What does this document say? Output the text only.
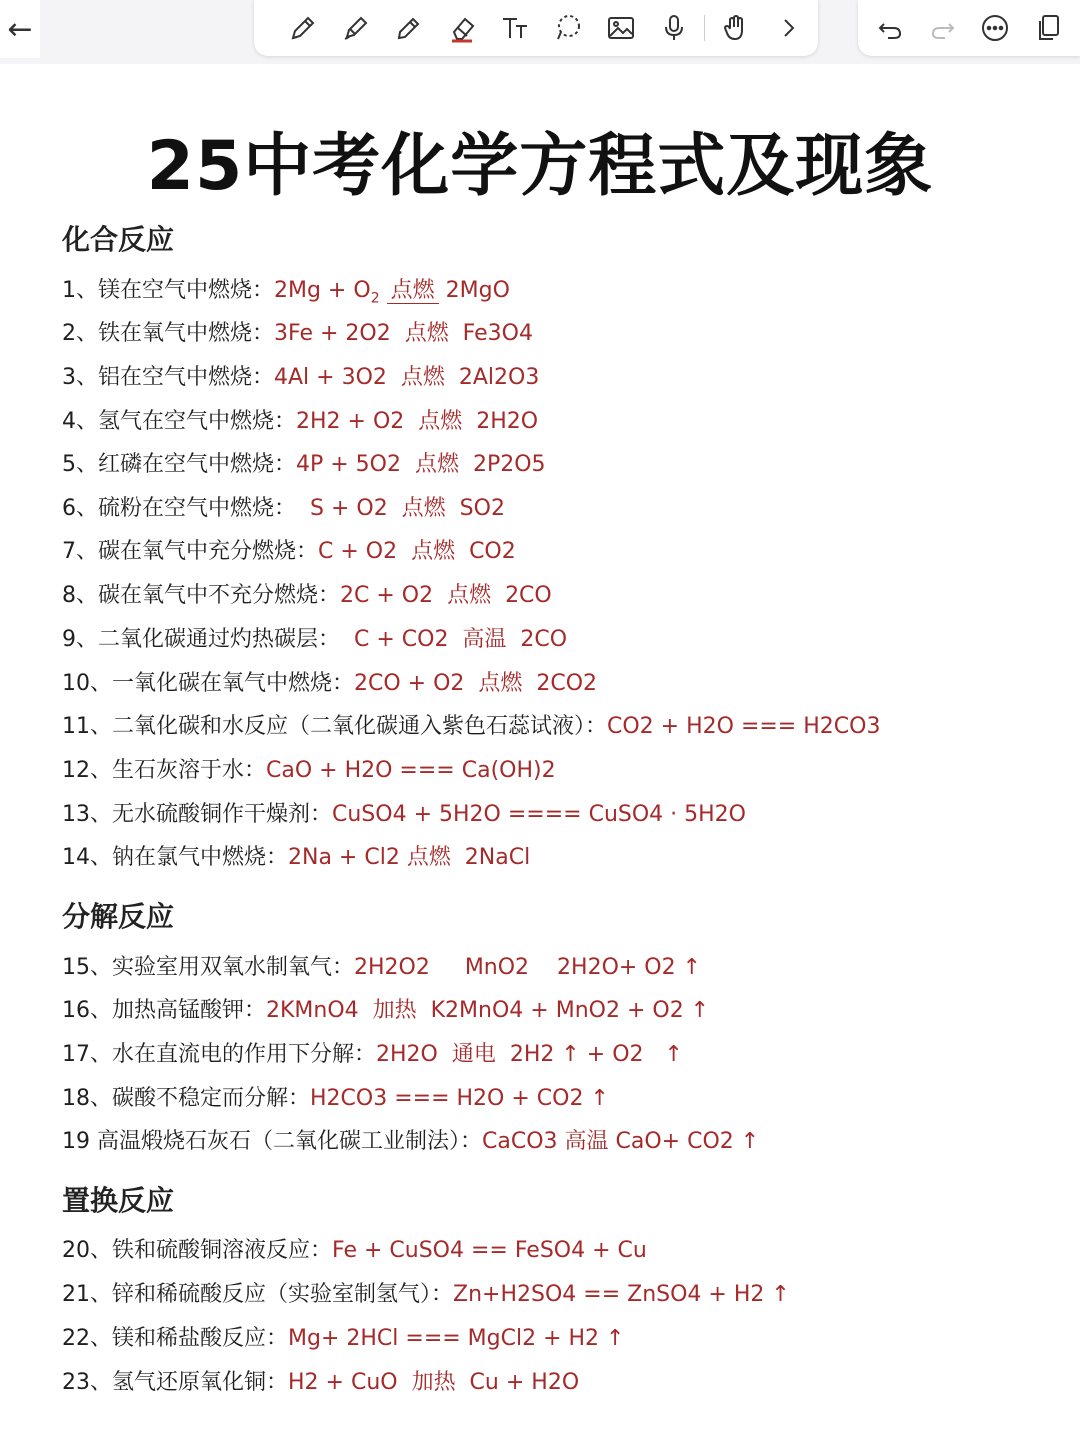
←
25中考化学方程式及现象
化合反应
1、镁在空气中燃烧：$2Mg + O_2$ 点燃 2MgO
2、铁在氧气中燃烧：3Fe + 2O2  点燃  Fe3O4
3、铝在空气中燃烧：4Al + 3O2  点燃  2Al2O3
4、氢气在空气中燃烧：2H2 + O2  点燃  2H2O
5、红磷在空气中燃烧：4P + 5O2  点燃  2P2O5
6、硫粉在空气中燃烧：  S + O2  点燃  SO2
7、碳在氧气中充分燃烧：C + O2  点燃  CO2
8、碳在氧气中不充分燃烧：2C + O2  点燃  2CO
9、二氧化碳通过灼热碳层：  C + CO2  高温  2CO
10、一氧化碳在氧气中燃烧：2CO + O2  点燃  2CO2
11、二氧化碳和水反应（二氧化碳通入紫色石蕊试液）：CO2 + H2O === H2CO3
12、生石灰溶于水：CaO + H2O === Ca(OH)2
13、无水硫酸铜作干燥剂：CuSO4 + 5H2O ==== CuSO4 · 5H2O
14、钠在氯气中燃烧：2Na + Cl2 点燃  2NaCl
分解反应
15、实验室用双氧水制氧气：2H2O2     MnO2    2H2O+ O2 ↑
16、加热高锰酸钾：2KMnO4  加热  K2MnO4 + MnO2 + O2 ↑
17、水在直流电的作用下分解：2H2O  通电  2H2 ↑ + O2   ↑
18、碳酸不稳定而分解：H2CO3 === H2O + CO2 ↑
19 高温煅烧石灰石（二氧化碳工业制法）：CaCO3 高温 CaO+ CO2 ↑
置换反应
20、铁和硫酸铜溶液反应：Fe + CuSO4 == FeSO4 + Cu
21、锌和稀硫酸反应（实验室制氢气）：Zn+H2SO4 == ZnSO4 + H2 ↑
22、镁和稀盐酸反应：Mg+ 2HCl === MgCl2 + H2 ↑
23、氢气还原氧化铜：H2 + CuO  加热  Cu + H2O
